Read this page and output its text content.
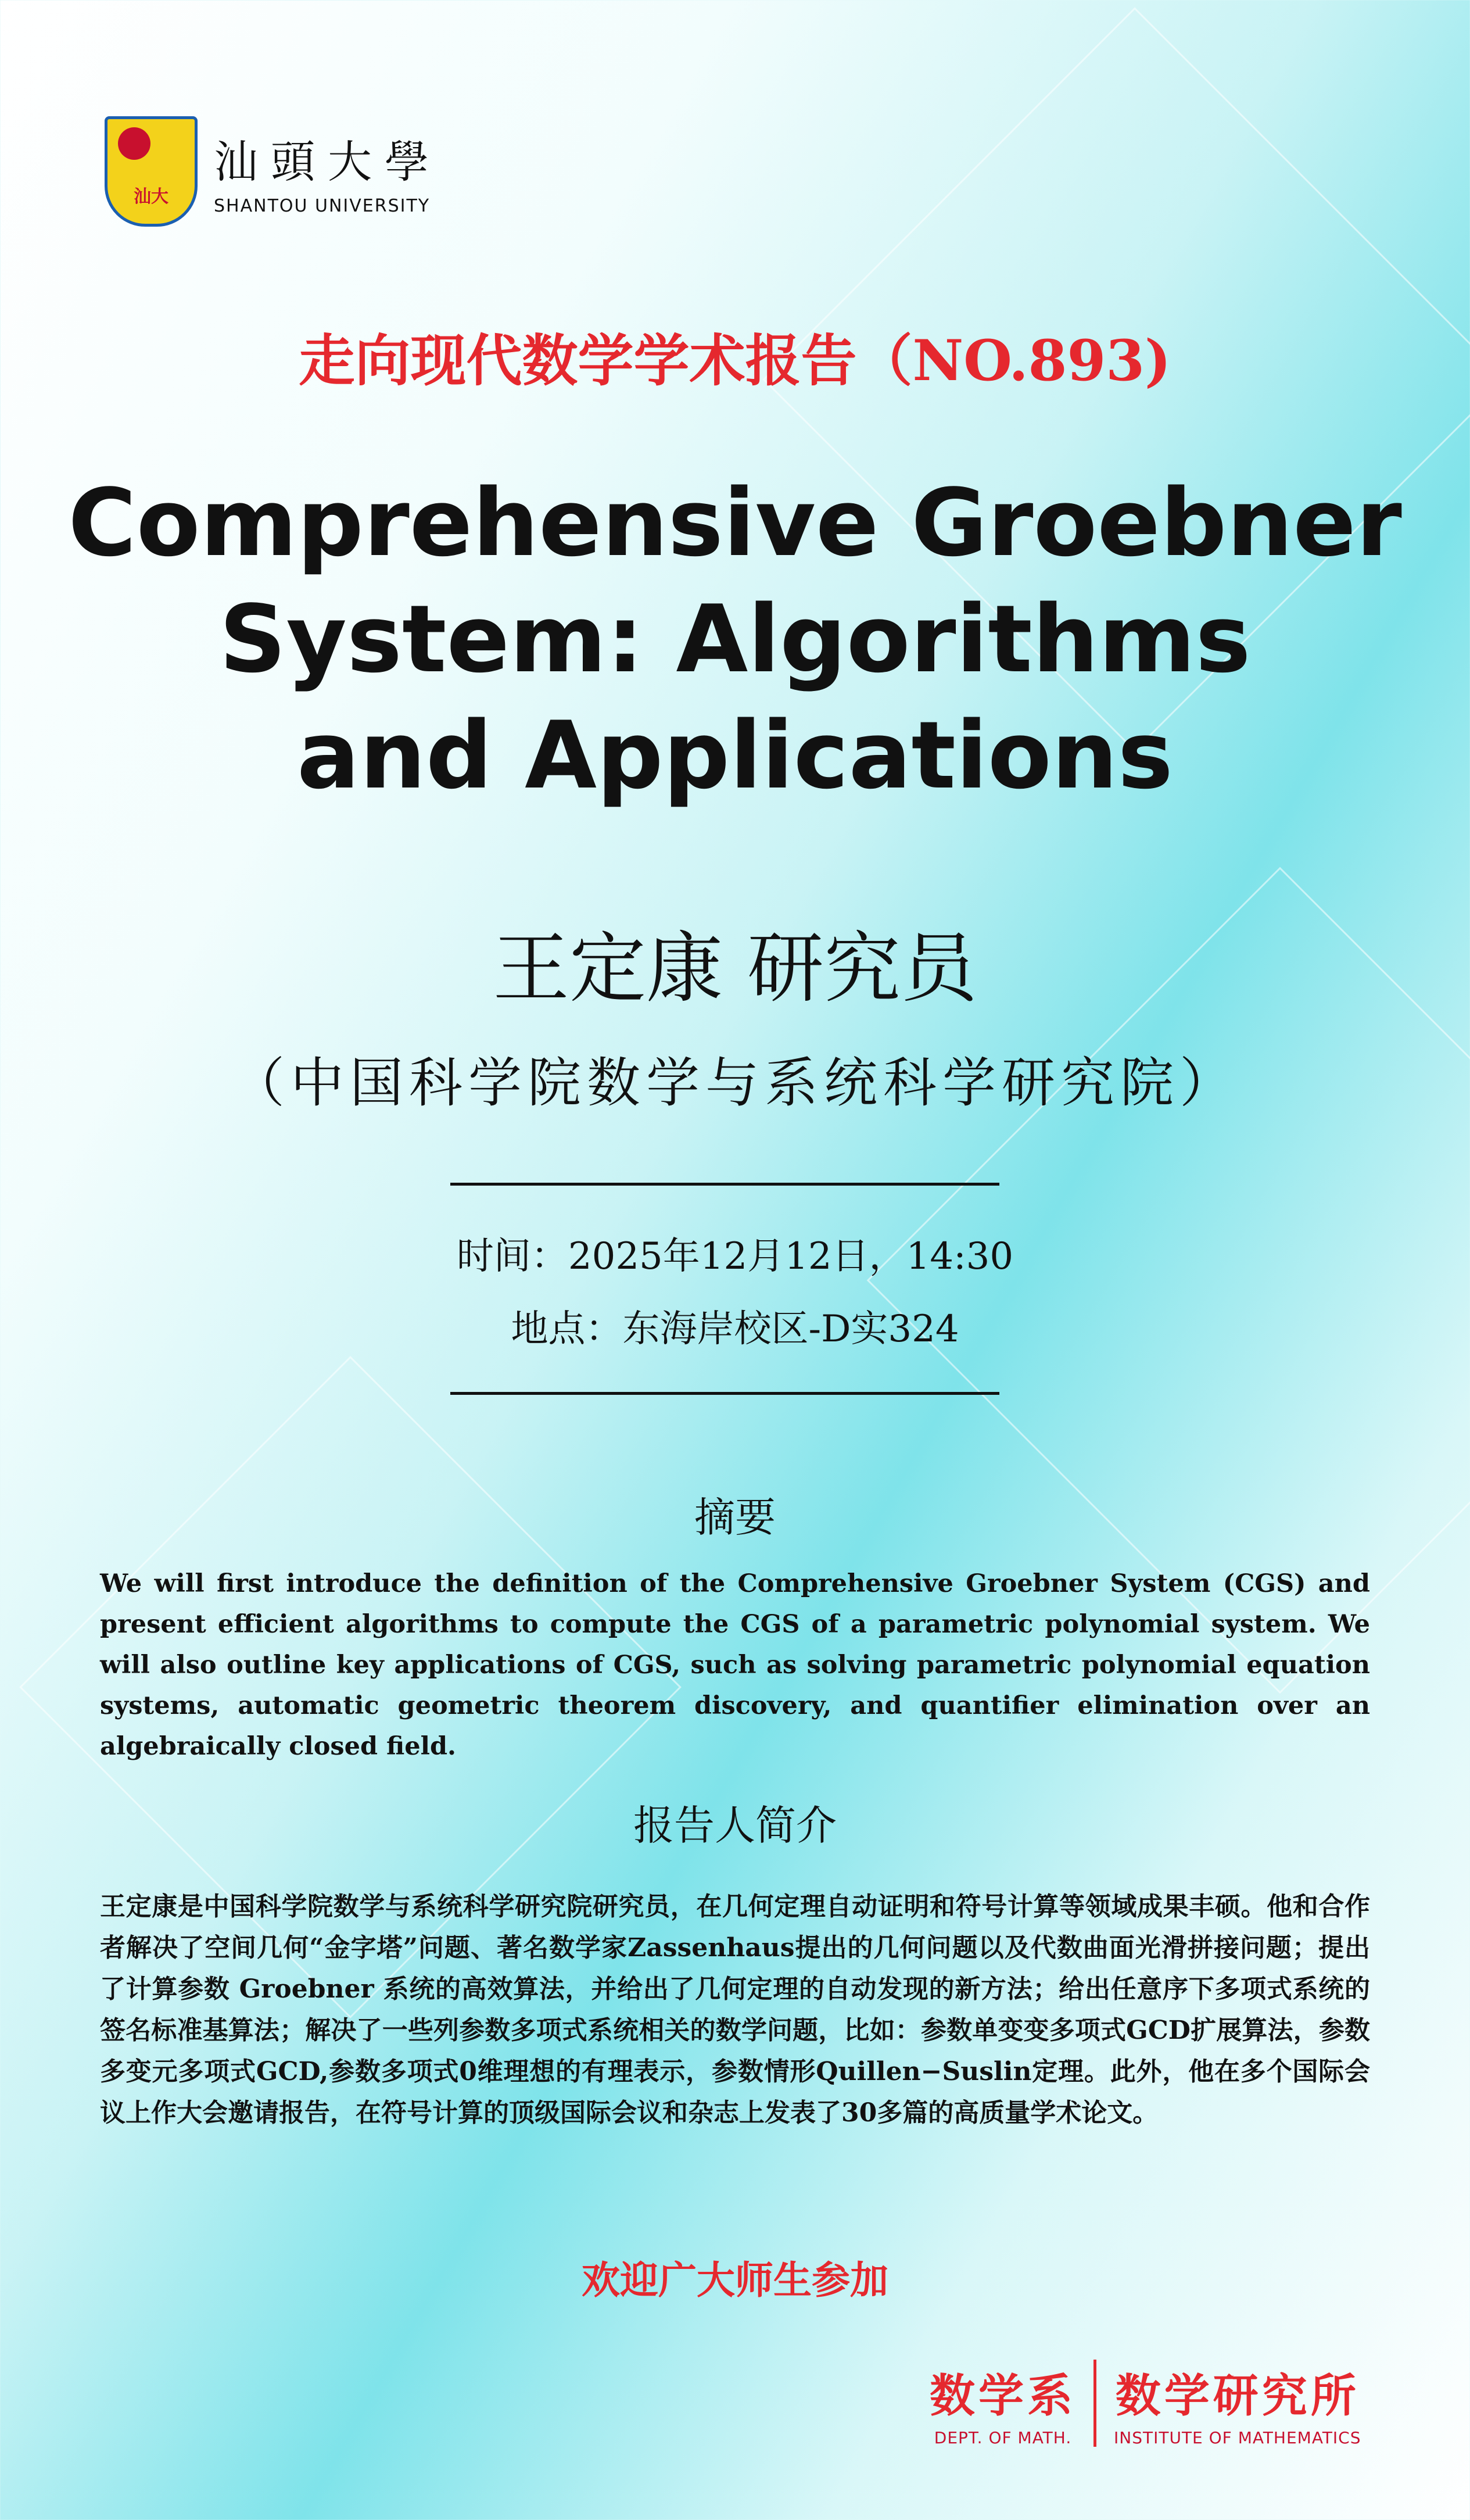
汕大
汕頭大學
SHANTOU UNIVERSITY
走向现代数学学术报告（NO.893)
Comprehensive Groebner
System: Algorithms
and Applications
王定康 研究员
（中国科学院数学与系统科学研究院）
时间：2025年12月12日，14:30
地点：东海岸校区-D实324
摘要
We will first introduce the definition of the Comprehensive Groebner System (CGS) and present efficient algorithms to compute the CGS of a parametric polynomial system. We will also outline key applications of CGS, such as solving parametric polynomial equation systems, automatic geometric theorem discovery, and quantifier elimination over an algebraically closed field.
报告人简介
王定康是中国科学院数学与系统科学研究院研究员，在几何定理自动证明和符号计算等领域成果丰硕。他和合作者解决了空间几何“金字塔”问题、著名数学家Zassenhaus提出的几何问题以及代数曲面光滑拼接问题；提出了计算参数 Groebner 系统的高效算法，并给出了几何定理的自动发现的新方法；给出任意序下多项式系统的签名标准基算法；解决了一些列参数多项式系统相关的数学问题，比如：参数单变变多项式GCD扩展算法，参数多变元多项式GCD,参数多项式0维理想的有理表示，参数情形Quillen−Suslin定理。此外，他在多个国际会议上作大会邀请报告，在符号计算的顶级国际会议和杂志上发表了30多篇的高质量学术论文。
欢迎广大师生参加
数学系
DEPT. OF MATH.
数学研究所
INSTITUTE OF MATHEMATICS
